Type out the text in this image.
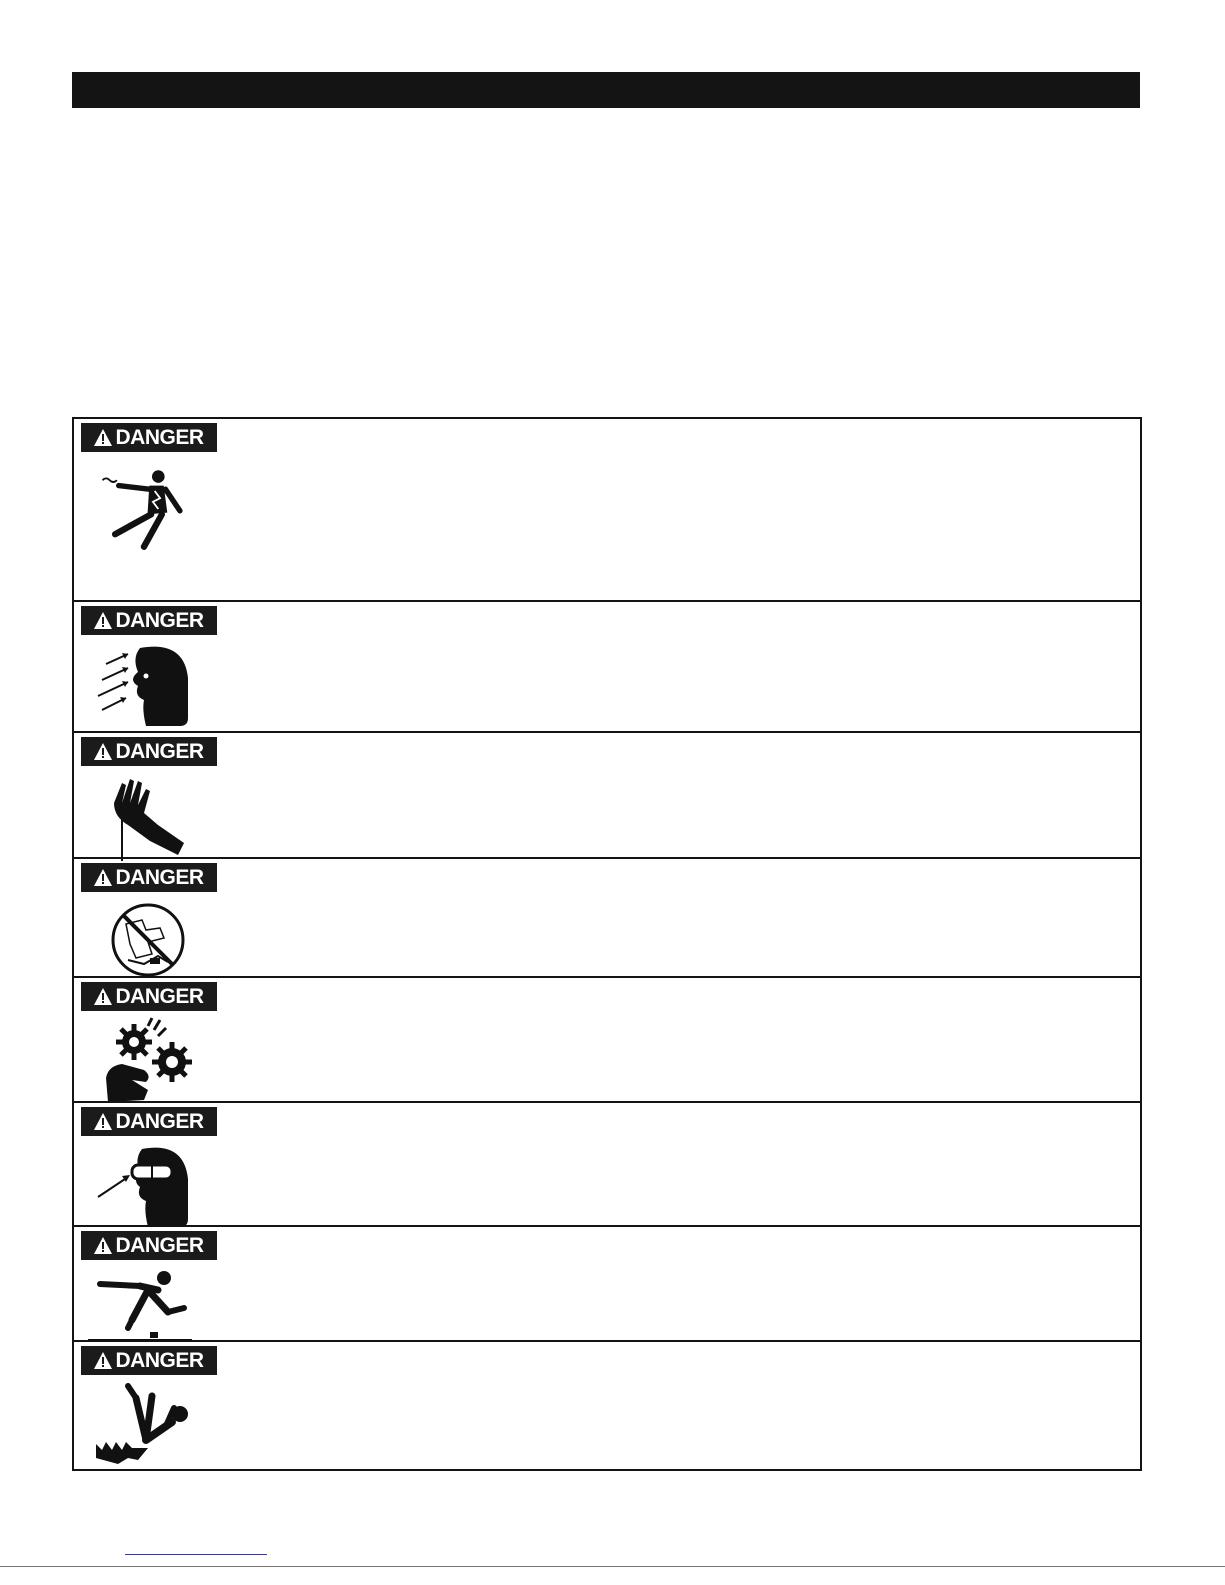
DANGER
DANGER
DANGER
DANGER
DANGER
DANGER
DANGER
DANGER
